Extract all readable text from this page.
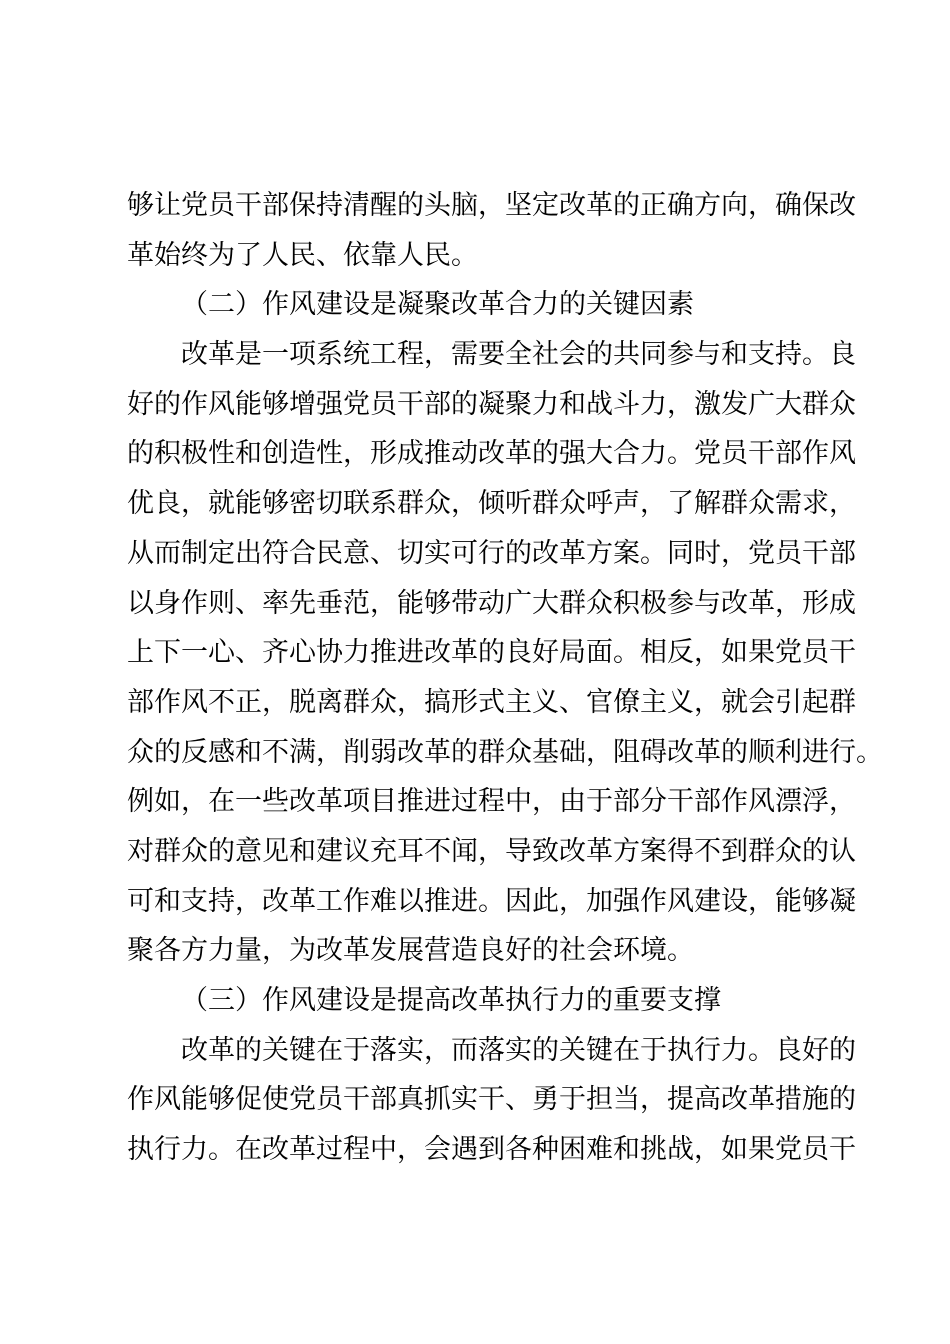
够让党员干部保持清醒的头脑，坚定改革的正确方向，确保改
革始终为了人民、依靠人民。
（二）作风建设是凝聚改革合力的关键因素
改革是一项系统工程，需要全社会的共同参与和支持。良
好的作风能够增强党员干部的凝聚力和战斗力，激发广大群众
的积极性和创造性，形成推动改革的强大合力。党员干部作风
优良，就能够密切联系群众，倾听群众呼声，了解群众需求，
从而制定出符合民意、切实可行的改革方案。同时，党员干部
以身作则、率先垂范，能够带动广大群众积极参与改革，形成
上下一心、齐心协力推进改革的良好局面。相反，如果党员干
部作风不正，脱离群众，搞形式主义、官僚主义，就会引起群
众的反感和不满，削弱改革的群众基础，阻碍改革的顺利进行。
例如，在一些改革项目推进过程中，由于部分干部作风漂浮，
对群众的意见和建议充耳不闻，导致改革方案得不到群众的认
可和支持，改革工作难以推进。因此，加强作风建设，能够凝
聚各方力量，为改革发展营造良好的社会环境。
（三）作风建设是提高改革执行力的重要支撑
改革的关键在于落实，而落实的关键在于执行力。良好的
作风能够促使党员干部真抓实干、勇于担当，提高改革措施的
执行力。在改革过程中，会遇到各种困难和挑战，如果党员干
